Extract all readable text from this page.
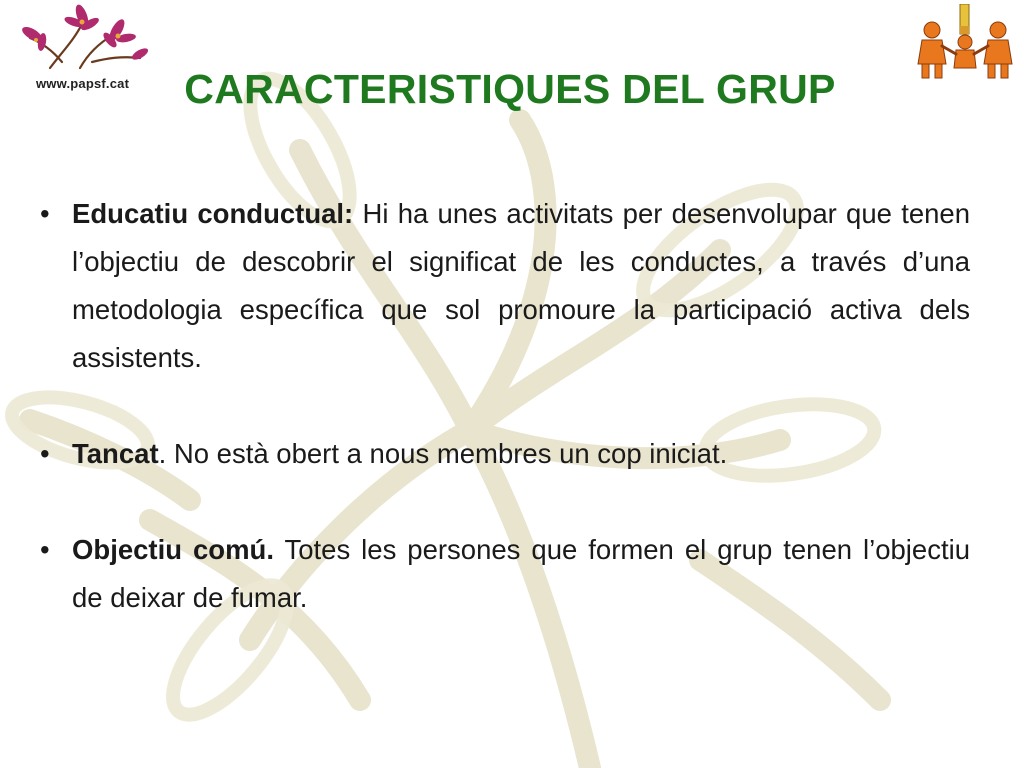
www.papsf.cat	CARACTERISTIQUES DEL GRUP
• Educatiu conductual: Hi ha unes activitats per desenvolupar que tenen l’objectiu de descobrir el significat de les conductes, a través d’una metodologia específica que sol promoure la participació activa dels assistents.
• Tancat. No està obert a nous membres un cop iniciat.
• Objectiu comú. Totes les persones que formen el grup tenen l’objectiu de deixar de fumar.
